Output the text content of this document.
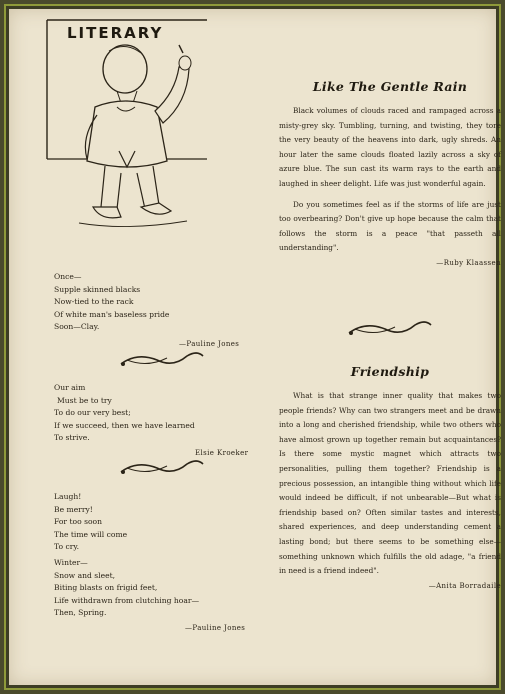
LITERARY
Once—
Supple skinned blacks
Now-tied to the rack
Of white man's baseless pride
Soon—Clay.
—Pauline Jones
Our aim
Must be to try
To do our very best;
If we succeed, then we have learned
To strive.
Elsie Kroeker
Laugh!
Be merry!
For too soon
The time will come
To cry.
Winter—
Snow and sleet,
Biting blasts on frigid feet,
Life withdrawn from clutching hoar—
Then, Spring.
—Pauline Jones
Like The Gentle Rain

Black volumes of clouds raced and rampaged across a misty-grey sky. Tumbling, turning, and twisting, they tore the very beauty of the heavens into dark, ugly shreds. An hour later the same clouds floated lazily across a sky of azure blue. The sun cast its warm rays to the earth and laughed in sheer delight. Life was just wonderful again.

Do you sometimes feel as if the storms of life are just too overbearing? Don't give up hope because the calm that follows the storm is a peace "that passeth all understanding".

—Ruby Klaassen
Friendship

What is that strange inner quality that makes two people friends? Why can two strangers meet and be drawn into a long and cherished friendship, while two others who have almost grown up together remain but acquaintances? Is there some mystic magnet which attracts two personalities, pulling them together? Friendship is a precious possession, an intangible thing without which life would indeed be difficult, if not unbearable—But what is friendship based on? Often similar tastes and interests, shared experiences, and deep understanding cement a lasting bond; but there seems to be something else—something unknown which fulfills the old adage, "a friend in need is a friend indeed".

—Anita Borradaile
